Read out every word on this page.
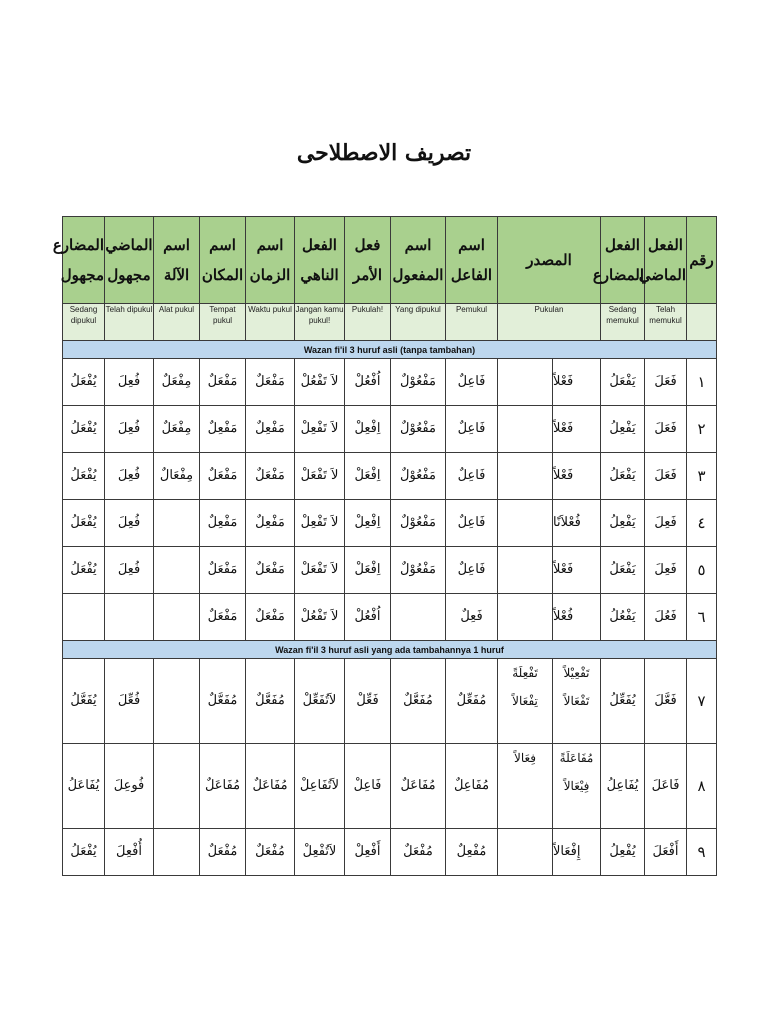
تصريف الاصطلاحى
رقم	الفعل الماضي	الفعل المضارع	المصدر		اسم الفاعل	اسم المفعول	فعل الأمر	الفعل الناهي	اسم الزمان	اسم المكان	اسم الآلة	الماضي مجهول	المضارع مجهول
	Telah memukul	Sedang memukul	Pukulan		Pemukul	Yang dipukul	Pukulah!	Jangan kamu pukul!	Waktu pukul	Tempat pukul	Alat pukul	Telah dipukul	Sedang dipukul
Wazan fi'il 3 huruf asli (tanpa tambahan)													
١	فَعَلَ	يَفْعَلُ	فَعْلاً		فَاعِلٌ	مَفْعُوْلٌ	اُفْعُلْ	لاَ تَفْعُلْ	مَفْعَلٌ	مَفْعَلٌ	مِفْعَلٌ	فُعِلَ	يُفْعَلُ
٢	فَعَلَ	يَفْعِلُ	فَعْلاً		فَاعِلٌ	مَفْعُوْلٌ	اِفْعِلْ	لاَ تَفْعِلْ	مَفْعِلٌ	مَفْعِلٌ	مِفْعَلٌ	فُعِلَ	يُفْعَلُ
٣	فَعَلَ	يَفْعَلُ	فَعْلاً		فَاعِلٌ	مَفْعُوْلٌ	اِفْعَلْ	لاَ تَفْعَلْ	مَفْعَلٌ	مَفْعَلٌ	مِفْعَالٌ	فُعِلَ	يُفْعَلُ
٤	فَعِلَ	يَفْعِلُ	فُعْلاَنًا		فَاعِلٌ	مَفْعُوْلٌ	اِفْعِلْ	لاَ تَفْعِلْ	مَفْعِلٌ	مَفْعِلٌ		فُعِلَ	يُفْعَلُ
٥	فَعِلَ	يَفْعَلُ	فَعْلاً		فَاعِلٌ	مَفْعُوْلٌ	اِفْعَلْ	لاَ تَفْعَلْ	مَفْعَلٌ	مَفْعَلٌ		فُعِلَ	يُفْعَلُ
٦	فَعُلَ	يَفْعُلُ	فُعْلاً		فَعِلٌ		اُفْعُلْ	لاَ تَفْعُلْ	مَفْعَلٌ	مَفْعَلٌ			
Wazan fi'il 3 huruf asli yang ada tambahannya 1 huruf													
٧	فَعَّلَ	يُفَعِّلُ	تَفْعِيْلاً تَفْعَالاً	تَفْعِلَةً تِفْعَالاً	مُفَعِّلٌ	مُفَعَّلٌ	فَعِّلْ	لاَتُفَعِّلْ	مُفَعَّلٌ	مُفَعَّلٌ		فُعِّلَ	يُفَعَّلُ
٨	فَاعَلَ	يُفَاعِلُ	مُفَاعَلَةً فِيْعَالاً	فِعَالاً	مُفَاعِلٌ	مُفَاعَلٌ	فَاعِلْ	لاَتُفَاعِلْ	مُفَاعَلٌ	مُفَاعَلٌ		فُوعِلَ	يُفَاعَلُ
٩	أَفْعَلَ	يُفْعِلُ	إِفْعَالاً		مُفْعِلٌ	مُفْعَلٌ	أَفْعِلْ	لاَتُفْعِلْ	مُفْعَلٌ	مُفْعَلٌ		أُفْعِلَ	يُفْعَلُ
